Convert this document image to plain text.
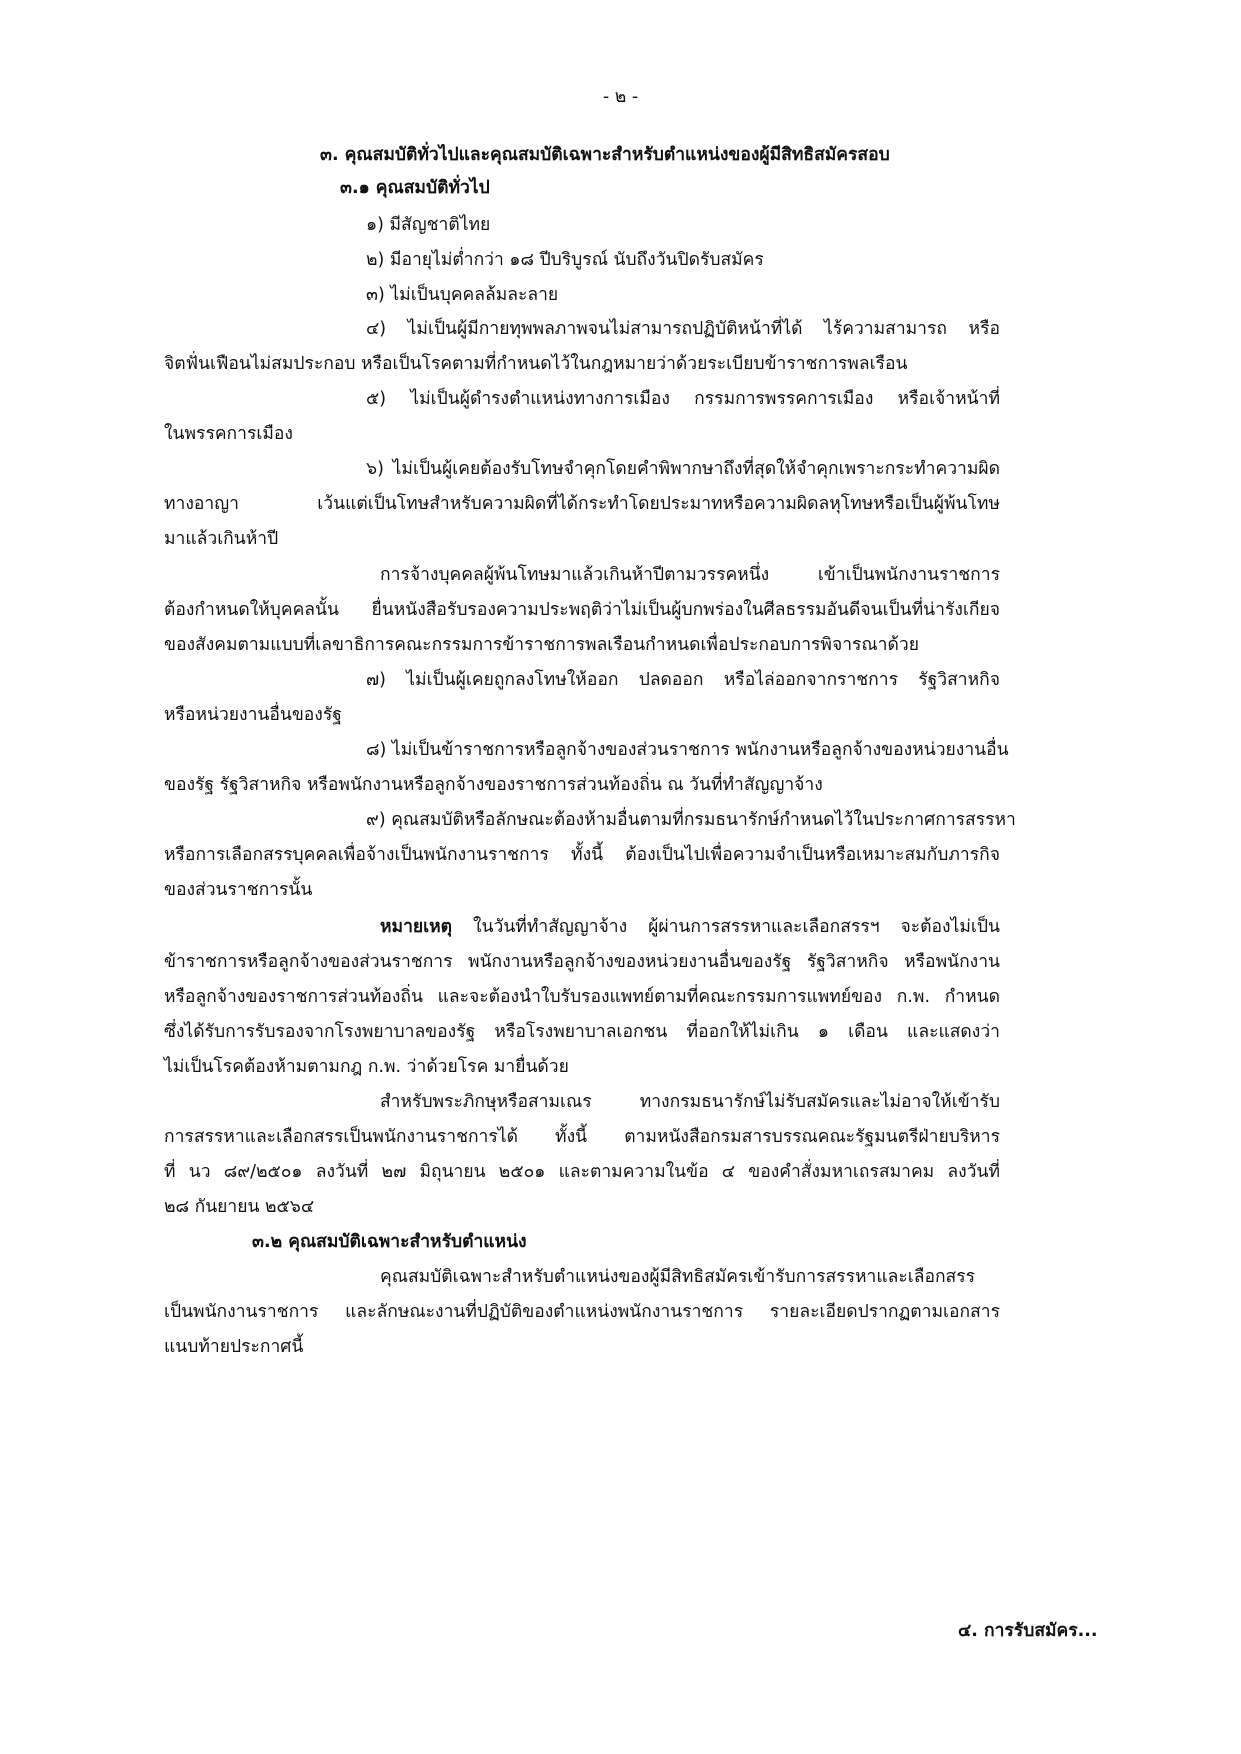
- ๒ -
๓. คุณสมบัติทั่วไปและคุณสมบัติเฉพาะสำหรับตำแหน่งของผู้มีสิทธิสมัครสอบ
๓.๑ คุณสมบัติทั่วไป
๑) มีสัญชาติไทย
๒) มีอายุไม่ต่ำกว่า ๑๘ ปีบริบูรณ์ นับถึงวันปิดรับสมัคร
๓) ไม่เป็นบุคคลล้มละลาย
๔) ไม่เป็นผู้มีกายทุพพลภาพจนไม่สามารถปฏิบัติหน้าที่ได้ ไร้ความสามารถ หรือ
จิตฟั่นเฟือนไม่สมประกอบ หรือเป็นโรคตามที่กำหนดไว้ในกฎหมายว่าด้วยระเบียบข้าราชการพลเรือน
๕) ไม่เป็นผู้ดำรงตำแหน่งทางการเมือง กรรมการพรรคการเมือง หรือเจ้าหน้าที่
ในพรรคการเมือง
๖) ไม่เป็นผู้เคยต้องรับโทษจำคุกโดยคำพิพากษาถึงที่สุดให้จำคุกเพราะกระทำความผิด
ทางอาญา เว้นแต่เป็นโทษสำหรับความผิดที่ได้กระทำโดยประมาทหรือความผิดลหุโทษหรือเป็นผู้พ้นโทษ
มาแล้วเกินห้าปี
การจ้างบุคคลผู้พ้นโทษมาแล้วเกินห้าปีตามวรรคหนึ่ง เข้าเป็นพนักงานราชการ
ต้องกำหนดให้บุคคลนั้น ยื่นหนังสือรับรองความประพฤติว่าไม่เป็นผู้บกพร่องในศีลธรรมอันดีจนเป็นที่น่ารังเกียจ
ของสังคมตามแบบที่เลขาธิการคณะกรรมการข้าราชการพลเรือนกำหนดเพื่อประกอบการพิจารณาด้วย
๗) ไม่เป็นผู้เคยถูกลงโทษให้ออก ปลดออก หรือไล่ออกจากราชการ รัฐวิสาหกิจ
หรือหน่วยงานอื่นของรัฐ
๘) ไม่เป็นข้าราชการหรือลูกจ้างของส่วนราชการ พนักงานหรือลูกจ้างของหน่วยงานอื่น
ของรัฐ รัฐวิสาหกิจ หรือพนักงานหรือลูกจ้างของราชการส่วนท้องถิ่น ณ วันที่ทำสัญญาจ้าง
๙) คุณสมบัติหรือลักษณะต้องห้ามอื่นตามที่กรมธนารักษ์กำหนดไว้ในประกาศการสรรหา
หรือการเลือกสรรบุคคลเพื่อจ้างเป็นพนักงานราชการ ทั้งนี้ ต้องเป็นไปเพื่อความจำเป็นหรือเหมาะสมกับภารกิจ
ของส่วนราชการนั้น
หมายเหตุ ในวันที่ทำสัญญาจ้าง ผู้ผ่านการสรรหาและเลือกสรรฯ จะต้องไม่เป็น
ข้าราชการหรือลูกจ้างของส่วนราชการ พนักงานหรือลูกจ้างของหน่วยงานอื่นของรัฐ รัฐวิสาหกิจ หรือพนักงาน
หรือลูกจ้างของราชการส่วนท้องถิ่น และจะต้องนำใบรับรองแพทย์ตามที่คณะกรรมการแพทย์ของ ก.พ. กำหนด
ซึ่งได้รับการรับรองจากโรงพยาบาลของรัฐ หรือโรงพยาบาลเอกชน ที่ออกให้ไม่เกิน ๑ เดือน และแสดงว่า
ไม่เป็นโรคต้องห้ามตามกฎ ก.พ. ว่าด้วยโรค มายื่นด้วย
สำหรับพระภิกษุหรือสามเณร ทางกรมธนารักษ์ไม่รับสมัครและไม่อาจให้เข้ารับ
การสรรหาและเลือกสรรเป็นพนักงานราชการได้ ทั้งนี้ ตามหนังสือกรมสารบรรณคณะรัฐมนตรีฝ่ายบริหาร
ที่ นว ๘๙/๒๕๐๑ ลงวันที่ ๒๗ มิถุนายน ๒๕๐๑ และตามความในข้อ ๔ ของคำสั่งมหาเถรสมาคม ลงวันที่
๒๘ กันยายน ๒๕๖๔
๓.๒ คุณสมบัติเฉพาะสำหรับตำแหน่ง
คุณสมบัติเฉพาะสำหรับตำแหน่งของผู้มีสิทธิสมัครเข้ารับการสรรหาและเลือกสรร
เป็นพนักงานราชการ และลักษณะงานที่ปฏิบัติของตำแหน่งพนักงานราชการ รายละเอียดปรากฏตามเอกสาร
แนบท้ายประกาศนี้
๔. การรับสมัคร...
